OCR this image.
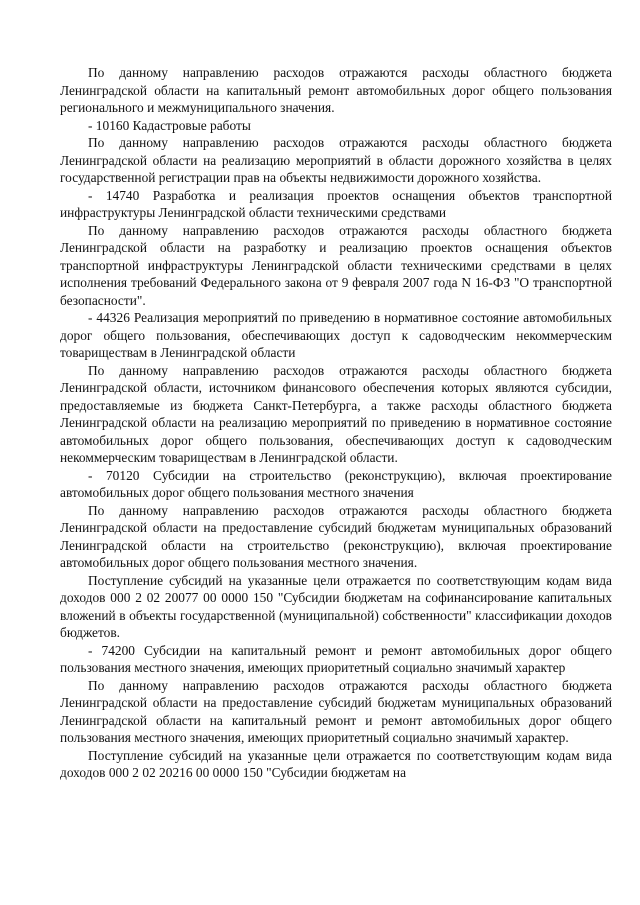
По данному направлению расходов отражаются расходы областного бюджета Ленинградской области на капитальный ремонт автомобильных дорог общего пользования регионального и межмуниципального значения.

- 10160 Кадастровые работы

По данному направлению расходов отражаются расходы областного бюджета Ленинградской области на реализацию мероприятий в области дорожного хозяйства в целях государственной регистрации прав на объекты недвижимости дорожного хозяйства.

- 14740 Разработка и реализация проектов оснащения объектов транспортной инфраструктуры Ленинградской области техническими средствами

По данному направлению расходов отражаются расходы областного бюджета Ленинградской области на разработку и реализацию проектов оснащения объектов транспортной инфраструктуры Ленинградской области техническими средствами в целях исполнения требований Федерального закона от 9 февраля 2007 года N 16-ФЗ "О транспортной безопасности".

- 44326 Реализация мероприятий по приведению в нормативное состояние автомобильных дорог общего пользования, обеспечивающих доступ к садоводческим некоммерческим товариществам в Ленинградской области

По данному направлению расходов отражаются расходы областного бюджета Ленинградской области, источником финансового обеспечения которых являются субсидии, предоставляемые из бюджета Санкт-Петербурга, а также расходы областного бюджета Ленинградской области на реализацию мероприятий по приведению в нормативное состояние автомобильных дорог общего пользования, обеспечивающих доступ к садоводческим некоммерческим товариществам в Ленинградской области.

- 70120 Субсидии на строительство (реконструкцию), включая проектирование автомобильных дорог общего пользования местного значения

По данному направлению расходов отражаются расходы областного бюджета Ленинградской области на предоставление субсидий бюджетам муниципальных образований Ленинградской области на строительство (реконструкцию), включая проектирование автомобильных дорог общего пользования местного значения.

Поступление субсидий на указанные цели отражается по соответствующим кодам вида доходов 000 2 02 20077 00 0000 150 "Субсидии бюджетам на софинансирование капитальных вложений в объекты государственной (муниципальной) собственности" классификации доходов бюджетов.

- 74200 Субсидии на капитальный ремонт и ремонт автомобильных дорог общего пользования местного значения, имеющих приоритетный социально значимый характер

По данному направлению расходов отражаются расходы областного бюджета Ленинградской области на предоставление субсидий бюджетам муниципальных образований Ленинградской области на капитальный ремонт и ремонт автомобильных дорог общего пользования местного значения, имеющих приоритетный социально значимый характер.

Поступление субсидий на указанные цели отражается по соответствующим кодам вида доходов 000 2 02 20216 00 0000 150 "Субсидии бюджетам на
